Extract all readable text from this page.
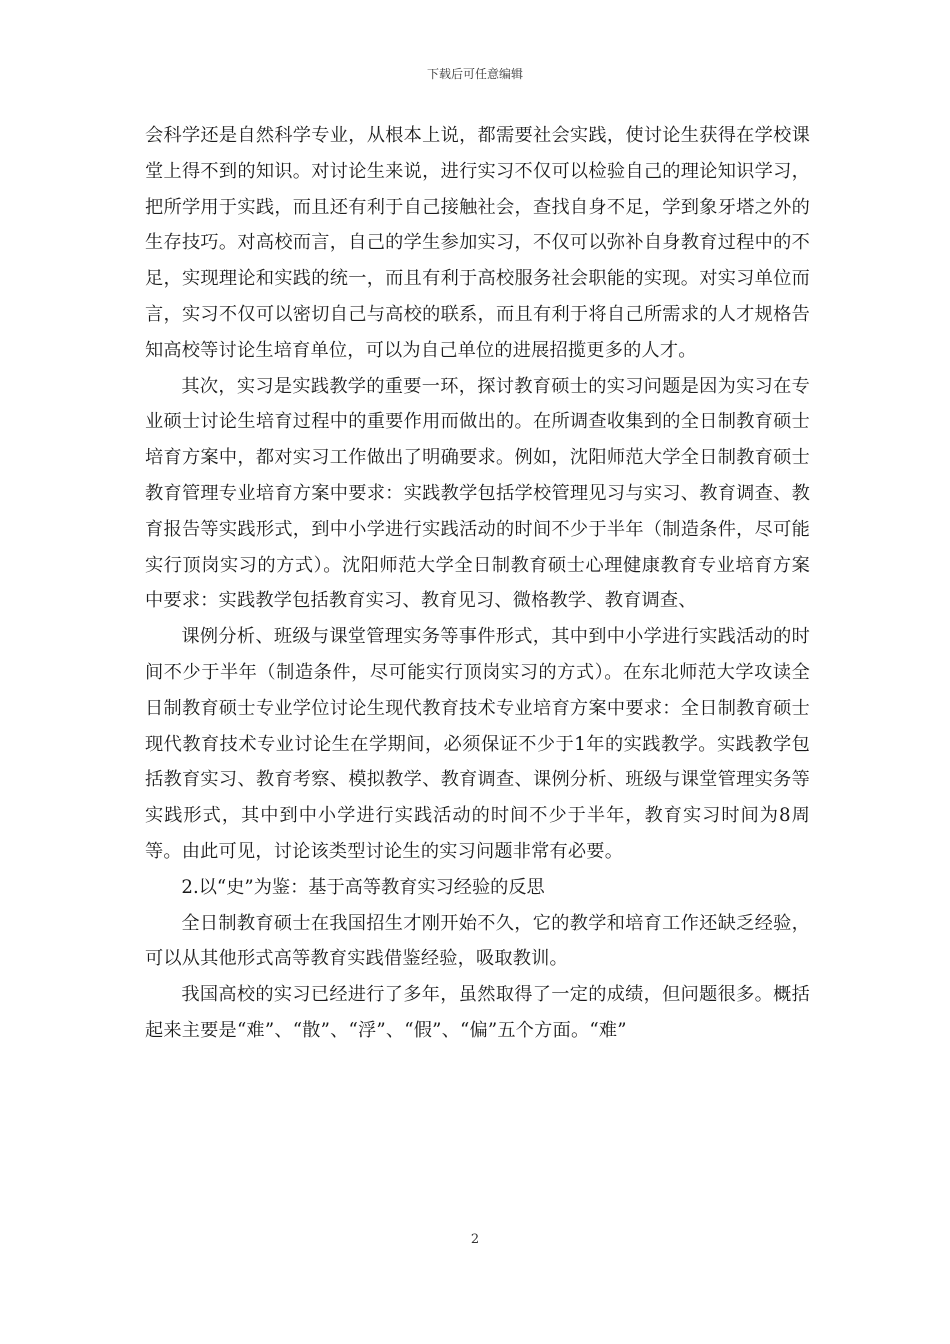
下载后可任意编辑

会科学还是自然科学专业，从根本上说，都需要社会实践，使讨论生获得在学校课堂上得不到的知识。对讨论生来说，进行实习不仅可以检验自己的理论知识学习，把所学用于实践，而且还有利于自己接触社会，查找自身不足，学到象牙塔之外的生存技巧。对高校而言，自己的学生参加实习，不仅可以弥补自身教育过程中的不足，实现理论和实践的统一，而且有利于高校服务社会职能的实现。对实习单位而言，实习不仅可以密切自己与高校的联系，而且有利于将自己所需求的人才规格告知高校等讨论生培育单位，可以为自己单位的进展招揽更多的人才。

其次，实习是实践教学的重要一环，探讨教育硕士的实习问题是因为实习在专业硕士讨论生培育过程中的重要作用而做出的。在所调查收集到的全日制教育硕士培育方案中，都对实习工作做出了明确要求。例如，沈阳师范大学全日制教育硕士教育管理专业培育方案中要求：实践教学包括学校管理见习与实习、教育调查、教育报告等实践形式，到中小学进行实践活动的时间不少于半年（制造条件，尽可能实行顶岗实习的方式）。沈阳师范大学全日制教育硕士心理健康教育专业培育方案中要求：实践教学包括教育实习、教育见习、微格教学、教育调查、

课例分析、班级与课堂管理实务等事件形式，其中到中小学进行实践活动的时间不少于半年（制造条件，尽可能实行顶岗实习的方式）。在东北师范大学攻读全日制教育硕士专业学位讨论生现代教育技术专业培育方案中要求：全日制教育硕士现代教育技术专业讨论生在学期间，必须保证不少于1年的实践教学。实践教学包括教育实习、教育考察、模拟教学、教育调查、课例分析、班级与课堂管理实务等实践形式，其中到中小学进行实践活动的时间不少于半年，教育实习时间为8周等。由此可见，讨论该类型讨论生的实习问题非常有必要。

2.以“史”为鉴：基于高等教育实习经验的反思

全日制教育硕士在我国招生才刚开始不久，它的教学和培育工作还缺乏经验，可以从其他形式高等教育实践借鉴经验，吸取教训。

我国高校的实习已经进行了多年，虽然取得了一定的成绩，但问题很多。概括起来主要是“难”、“散”、“浮”、“假”、“偏”五个方面。“难”

2
